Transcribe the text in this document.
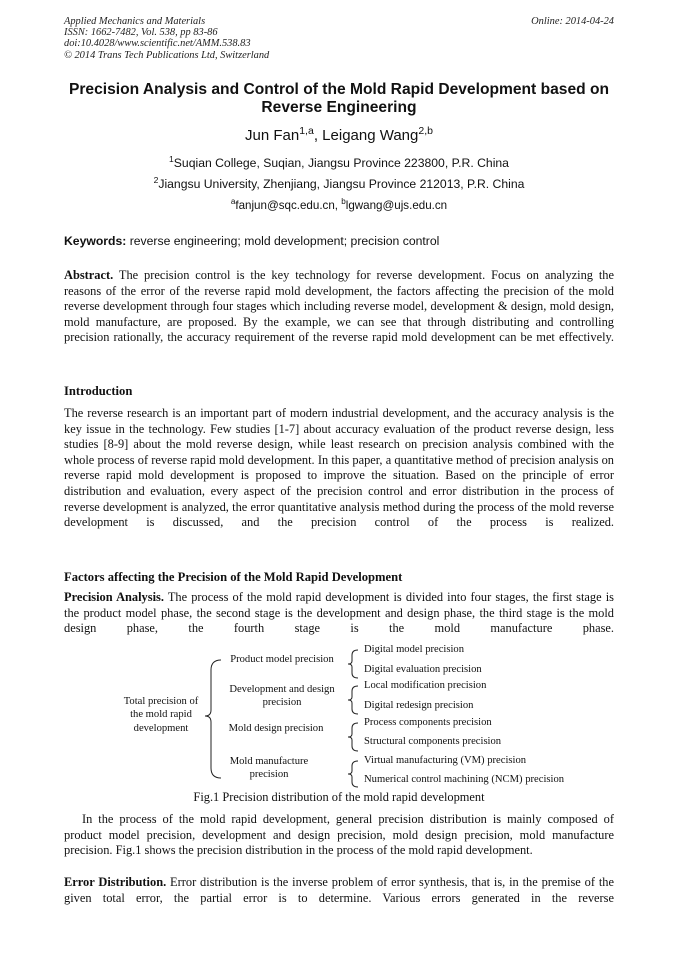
Applied Mechanics and Materials
ISSN: 1662-7482, Vol. 538, pp 83-86
doi:10.4028/www.scientific.net/AMM.538.83
© 2014 Trans Tech Publications Ltd, Switzerland
Online: 2014-04-24
Precision Analysis and Control of the Mold Rapid Development based on Reverse Engineering
Jun Fan$^{1,a}$, Leigang Wang$^{2,b}$
$^1$Suqian College, Suqian, Jiangsu Province 223800, P.R. China
$^2$Jiangsu University, Zhenjiang, Jiangsu Province 212013, P.R. China
$^a$fanjun@sqc.edu.cn, $^b$lgwang@ujs.edu.cn
Keywords: reverse engineering; mold development; precision control
Abstract. The precision control is the key technology for reverse development. Focus on analyzing the reasons of the error of the reverse rapid mold development, the factors affecting the precision of the mold reverse development through four stages which including reverse model, development & design, mold design, mold manufacture, are proposed. By the example, we can see that through distributing and controlling precision rationally, the accuracy requirement of the reverse rapid mold development can be met effectively.
Introduction
The reverse research is an important part of modern industrial development, and the accuracy analysis is the key issue in the technology. Few studies [1-7] about accuracy evaluation of the product reverse design, less studies [8-9] about the mold reverse design, while least research on precision analysis combined with the whole process of reverse rapid mold development. In this paper, a quantitative method of precision analysis on reverse rapid mold development is proposed to improve the situation. Based on the principle of error distribution and evaluation, every aspect of the precision control and error distribution in the process of reverse development is analyzed, the error quantitative analysis method during the process of the mold reverse development is discussed, and the precision control of the process is realized.
Factors affecting the Precision of the Mold Rapid Development
Precision Analysis. The process of the mold rapid development is divided into four stages, the first stage is the product model phase, the second stage is the development and design phase, the third stage is the mold design phase, the fourth stage is the mold manufacture phase.
Total precision of
the mold rapid
development
Product model precision
Development and design
precision
Mold design precision
Mold manufacture
precision
Digital model precision
Digital evaluation precision
Local modification precision
Digital redesign precision
Process components precision
Structural components precision
Virtual manufacturing (VM) precision
Numerical control machining (NCM) precision
Fig.1 Precision distribution of the mold rapid development
In the process of the mold rapid development, general precision distribution is mainly composed of product model precision, development and design precision, mold design precision, mold manufacture precision. Fig.1 shows the precision distribution in the process of the mold rapid development.
Error Distribution. Error distribution is the inverse problem of error synthesis, that is, in the premise of the given total error, the partial error is to determine. Various errors generated in the reverse
